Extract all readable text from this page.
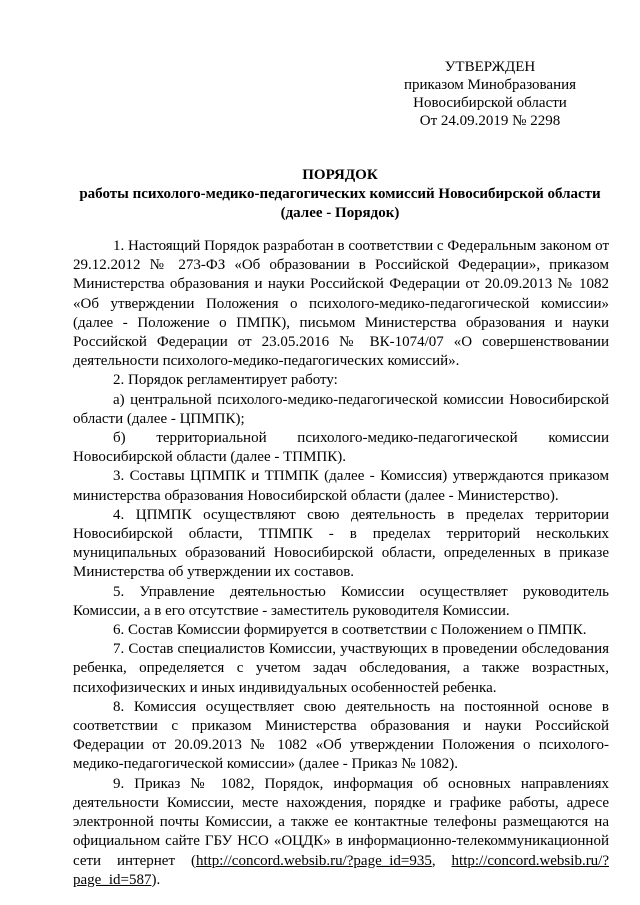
УТВЕРЖДЕН
приказом Минобразования
Новосибирской области
От 24.09.2019 № 2298
ПОРЯДОК
работы психолого-медико-педагогических комиссий Новосибирской области
(далее - Порядок)

1. Настоящий Порядок разработан в соответствии с Федеральным законом от 29.12.2012 № 273-ФЗ «Об образовании в Российской Федерации», приказом Министерства образования и науки Российской Федерации от 20.09.2013 № 1082 «Об утверждении Положения о психолого-медико-педагогической комиссии» (далее - Положение о ПМПК), письмом Министерства образования и науки Российской Федерации от 23.05.2016 № ВК-1074/07 «О совершенствовании деятельности психолого-медико-педагогических комиссий».

2. Порядок регламентирует работу:

а) центральной психолого-медико-педагогической комиссии Новосибирской области (далее - ЦПМПК);

б) территориальной психолого-медико-педагогической комиссии Новосибирской области (далее - ТПМПК).

3. Составы ЦПМПК и ТПМПК (далее - Комиссия) утверждаются приказом министерства образования Новосибирской области (далее - Министерство).

4. ЦПМПК осуществляют свою деятельность в пределах территории Новосибирской области, ТПМПК - в пределах территорий нескольких муниципальных образований Новосибирской области, определенных в приказе Министерства об утверждении их составов.

5. Управление деятельностью Комиссии осуществляет руководитель Комиссии, а в его отсутствие - заместитель руководителя Комиссии.

6. Состав Комиссии формируется в соответствии с Положением о ПМПК.

7. Состав специалистов Комиссии, участвующих в проведении обследования ребенка, определяется с учетом задач обследования, а также возрастных, психофизических и иных индивидуальных особенностей ребенка.

8. Комиссия осуществляет свою деятельность на постоянной основе в соответствии с приказом Министерства образования и науки Российской Федерации от 20.09.2013 № 1082 «Об утверждении Положения о психолого-медико-педагогической комиссии» (далее - Приказ № 1082).

9. Приказ № 1082, Порядок, информация об основных направлениях деятельности Комиссии, месте нахождения, порядке и графике работы, адресе электронной почты Комиссии, а также ее контактные телефоны размещаются на официальном сайте ГБУ НСО «ОЦДК» в информационно-телекоммуникационной сети интернет (http://concord.websib.ru/?page_id=935, http://concord.websib.ru/?page_id=587).
